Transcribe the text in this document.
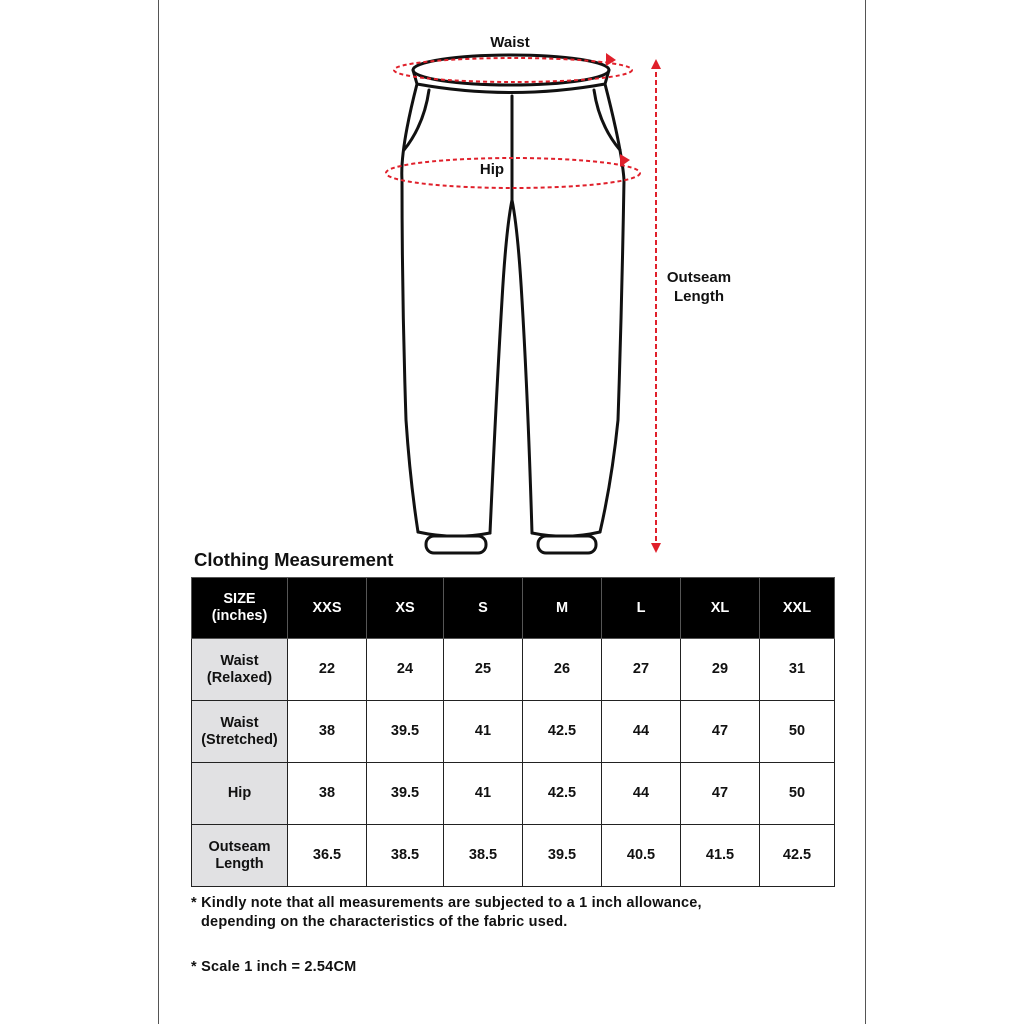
Waist
Hip
Outseam
Length
Clothing Measurement
SIZE
(inches)	XXS	XS	S	M	L	XL	XXL

Waist
(Relaxed)	22	24	25	26	27	29	31

Waist
(Stretched)	38	39.5	41	42.5	44	47	50

Hip	38	39.5	41	42.5	44	47	50

Outseam
Length	36.5	38.5	38.5	39.5	40.5	41.5	42.5
* Kindly note that all measurements are subjected to a 1 inch allowance,
depending on the characteristics of the fabric used.
* Scale 1 inch = 2.54CM
